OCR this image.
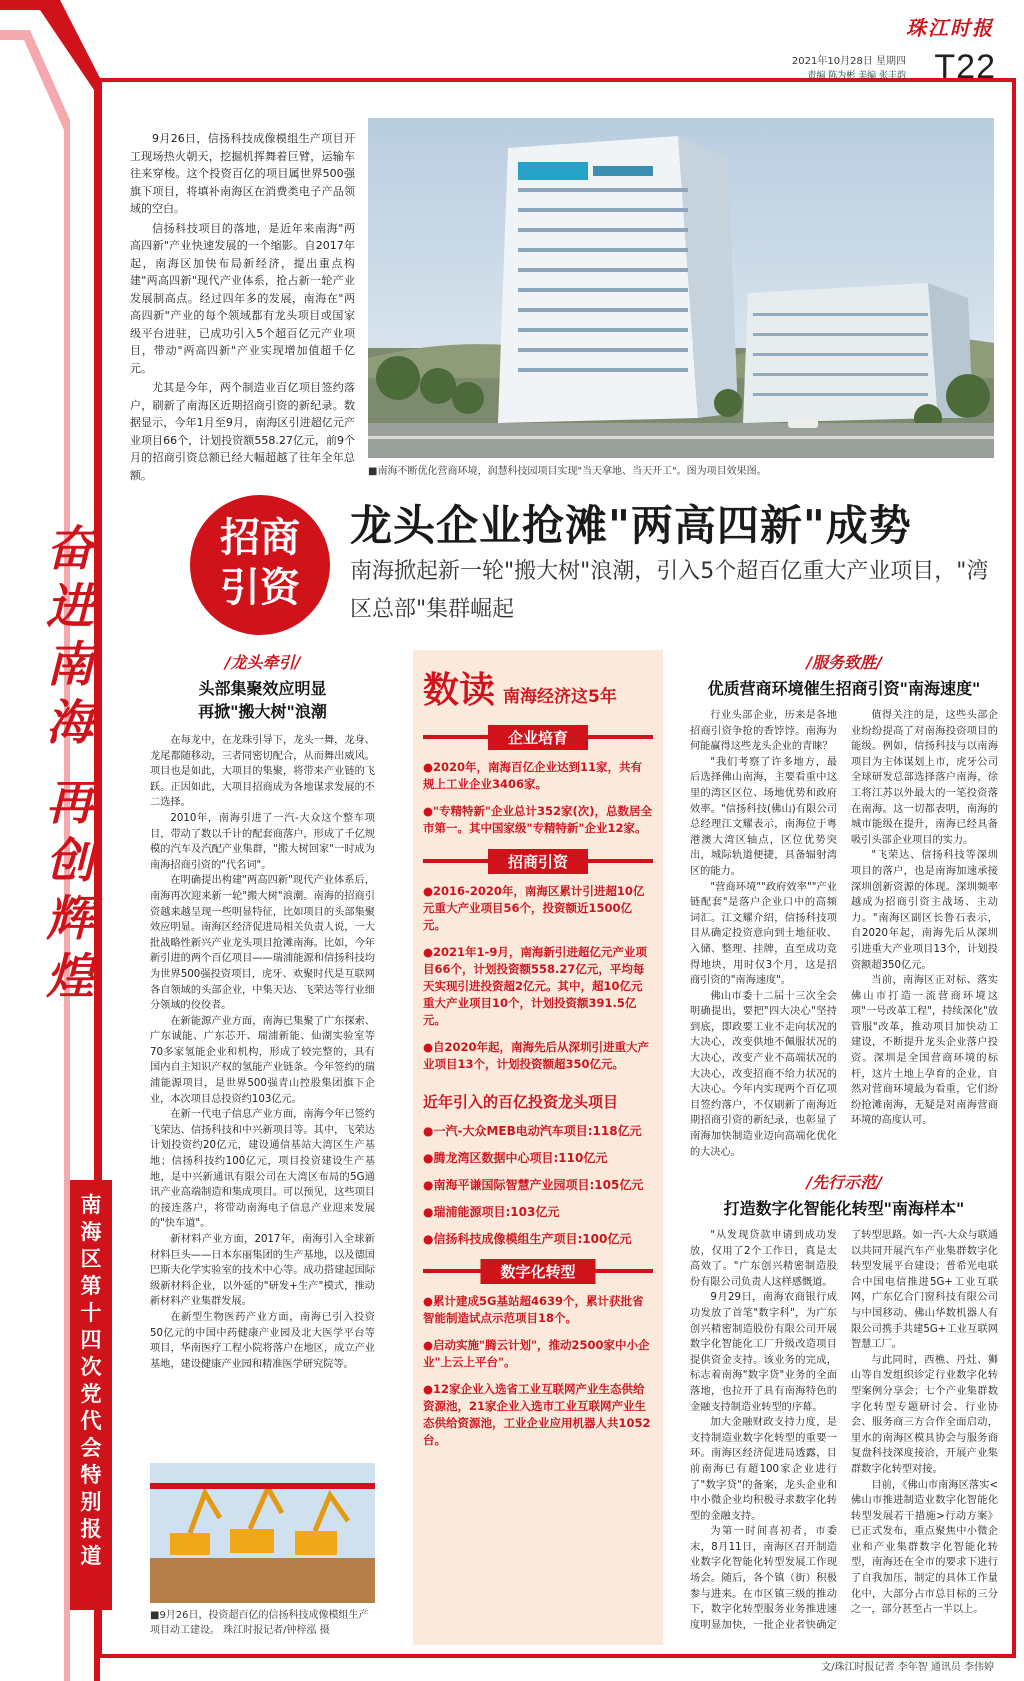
珠江时报
2021年10月28日 星期四
责编 陈为彬 美编 张丰韵 T22
奋进南海
再创辉煌
南海区第十四次党代会特别报道

9月26日，信扬科技成像模组生产项目开工现场热火朝天，挖掘机挥舞着巨臂，运输车往来穿梭。这个投资百亿的项目属世界500强旗下项目，将填补南海区在消费类电子产品领域的空白。

信扬科技项目的落地，是近年来南海"两高四新"产业快速发展的一个缩影。自2017年起，南海区加快布局新经济，提出重点构建"两高四新"现代产业体系，抢占新一轮产业发展制高点。经过四年多的发展，南海在"两高四新"产业的每个领域都有龙头项目或国家级平台进驻，已成功引入5个超百亿元产业项目，带动"两高四新"产业实现增加值超千亿元。

尤其是今年，两个制造业百亿项目签约落户，刷新了南海区近期招商引资的新纪录。数据显示，今年1月至9月，南海区引进超亿元产业项目66个，计划投资额558.27亿元，前9个月的招商引资总额已经大幅超越了往年全年总额。	■南海不断优化营商环境，润慧科技园项目实现"当天拿地、当天开工"。图为项目效果图。
招商
引资
龙头企业抢滩"两高四新"成势
南海掀起新一轮"搬大树"浪潮，引入5个超百亿重大产业项目，"湾区总部"集群崛起
/龙头牵引/
头部集聚效应明显
再掀"搬大树"浪潮

在每龙中，在龙珠引导下，龙头一舞，龙身、龙尾都随移动，三者同密切配合，从而舞出威风。项目也是如此，大项目的集聚，将带来产业链的飞跃。正因如此，大项目招商成为各地谋求发展的不二选择。

2010年，南海引进了一汽-大众这个整车项目，带动了数以千计的配套商落户，形成了千亿规模的汽车及汽配产业集群，"搬大树回家"一时成为南海招商引资的"代名词"。

在明确提出构建"两高四新"现代产业体系后，南海再次迎来新一轮"搬大树"浪潮。南海的招商引资越来越呈现一些明显特征，比如项目的头部集聚效应明显。南海区经济促进局相关负责人说，一大批战略性新兴产业龙头项目抢滩南海。比如，今年新引进的两个百亿项目——瑞浦能源和信扬科技均为世界500强投资项目，虎牙、欢聚时代是互联网各自领域的头部企业，中集天达、飞荣达等行业细分领域的佼佼者。

在新能源产业方面，南海已集聚了广东探索、广东诚能、广东芯开、瑞浦新能、仙湖实验室等70多家氢能企业和机构，形成了较完整的，具有国内自主知识产权的氢能产业链条。今年签约的瑞浦能源项目，是世界500强青山控股集团旗下企业，本次项目总投资约103亿元。

在新一代电子信息产业方面，南海今年已签约飞荣达、信扬科技和中兴新项目等。其中，飞荣达计划投资约20亿元，建设通信基站大湾区生产基地；信扬科技约100亿元，项目投资建设生产基地，是中兴新通讯有限公司在大湾区布局的5G通讯产业高端制造和集成项目。可以预见，这些项目的接连落户，将带动南海电子信息产业迎来发展的"快车道"。

新材料产业方面，2017年，南海引入全球新材料巨头——日本东丽集团的生产基地，以及德国巴斯夫化学实验室的技术中心等。成功搭建起国际级新材料企业，以外延的"研发+生产"模式，推动新材料产业集群发展。

在新型生物医药产业方面，南海已引入投资50亿元的中国中药健康产业园及北大医学平台等项目，华南医疗工程小院将落户在地区，成立产业基地，建设健康产业园和精准医学研究院等。

■9月26日，投资超百亿的信扬科技成像模组生产项目动工建设。 珠江时报记者/钟梓泓 摄
数读 南海经济这5年
企业培育
●2020年，南海百亿企业达到11家，共有规上工业企业3406家。
●"专精特新"企业总计352家(次)，总数居全市第一。其中国家级"专精特新"企业12家。
招商引资
●2016-2020年，南海区累计引进超10亿元重大产业项目56个，投资额近1500亿元。
●2021年1-9月，南海新引进超亿元产业项目66个，计划投资额558.27亿元，平均每天实现引进投资超2亿元。其中，超10亿元重大产业项目10个，计划投资额391.5亿元。
●自2020年起，南海先后从深圳引进重大产业项目13个，计划投资额超350亿元。
近年引入的百亿投资龙头项目
●一汽-大众MEB电动汽车项目:118亿元
●腾龙湾区数据中心项目:110亿元
●南海平谦国际智慧产业园项目:105亿元
●瑞浦能源项目:103亿元
●信扬科技成像模组生产项目:100亿元
数字化转型
●累计建成5G基站超4639个，累计获批省智能制造试点示范项目18个。
●启动实施"腾云计划"，推动2500家中小企业"上云上平台"。
●12家企业入选省工业互联网产业生态供给资源池，21家企业入选市工业互联网产业生态供给资源池，工业企业应用机器人共1052台。
/服务致胜/
优质营商环境催生招商引资"南海速度"

行业头部企业，历来是各地招商引资争抢的香饽饽。南海为何能赢得这些龙头企业的青睐？

"我们考察了许多地方，最后选择佛山南海，主要看重中这里的湾区区位、场地优势和政府效率。"信扬科技(佛山)有限公司总经理江文耀表示，南海位于粤港澳大湾区轴点，区位优势突出，城际轨道便捷，具备辐射湾区的能力。

"营商环境""政府效率""产业链配套"是落户企业口中的高频词汇。江文耀介绍，信扬科技项目从确定投资意向到土地征收、入储、整理、挂牌，直至成功竞得地块，用时仅3个月，这是招商引资的"南海速度"。

佛山市委十二届十三次全会明确提出，要把"四大决心"坚持到底，即政要工业不走向状况的大决心，改变供地不佩服状况的大决心，改变产业不高端状况的大决心，改变招商不给力状况的大决心。今年内实现两个百亿项目签约落户，不仅刷新了南海近期招商引资的新纪录，也彰显了南海加快制造业迈向高端化优化的大决心。

值得关注的是，这些头部企业纷纷提高了对南海投资项目的能级。例如，信扬科技与以南海项目为主体谋划上市，虎牙公司全球研发总部选择落户南海，徐工将江苏以外最大的一笔投资落在南海。这一切都表明，南海的城市能级在提升，南海已经具备吸引头部企业项目的实力。

"飞荣达、信扬科技等深圳项目的落户，也是南海加速承接深圳创新资源的体现。深圳频率越成为招商引资主战场、主动力。"南海区副区长鲁石表示，自2020年起，南海先后从深圳引进重大产业项目13个，计划投资额超350亿元。

当前，南海区正对标、落实佛山市打造一流营商环境这项"一号改革工程"，持续深化"放管服"改革，推动项目加快动工建设，不断提升龙头企业落户投资。深圳是全国营商环境的标杆，这片土地上孕育的企业，自然对营商环境最为看重，它们纷纷抢滩南海，无疑是对南海营商环境的高度认可。

/先行示范/
打造数字化智能化转型"南海样本"

"从发现贷款申请到成功发放，仅用了2个工作日，真是太高效了。"广东创兴精密制造股份有限公司负责人这样感慨道。

9月29日，南海农商银行成功发放了首笔"数字科"，为广东创兴精密制造股份有限公司开展数字化智能化工厂升级改造项目提供资金支持。该业务的完成，标志着南海"数字贷"业务的全面落地，也拉开了具有南海特色的金融支持制造业转型的序幕。

加大金融财政支持力度，是支持制造业数字化转型的重要一环。南海区经济促进局透露，目前南海已有超100家企业进行了"数字贷"的备案，龙头企业和中小微企业均积极寻求数字化转型的金融支持。

为第一时间喜初者，市委末，8月11日，南海区召开制造业数字化智能化转型发展工作现场会。随后，各个镇（街）积极参与进来。在市区镇三级的推动下，数字化转型服务业务推进速度明显加快，一批企业者快确定了转型思路。如一汽-大众与联通以共同开展汽车产业集群数字化转型发展平台建设；普希光电联合中国电信推进5G+工业互联网，广东亿合门窗科技有限公司与中国移动、佛山华数机器人有限公司携手共建5G+工业互联网智慧工厂。

与此同时，西樵、丹灶、狮山等自发组织诊定行业数字化转型案例分享会；七个产业集群数字化转型专题研讨会、行业协会、服务商三方合作全面启动，里水的南海区模具协会与服务商复盘科技深度接洽，开展产业集群数字化转型对接。

目前，《佛山市南海区落实<佛山市推进制造业数字化智能化转型发展若干措施>行动方案》已正式发布，重点聚焦中小微企业和产业集群数字化智能化转型，南海还在全市的要求下进行了自我加压，制定的具体工作量化中，大部分占市总目标的三分之一，部分甚至占一半以上。

文/珠江时报记者 李年智 通讯员 李伟婷
